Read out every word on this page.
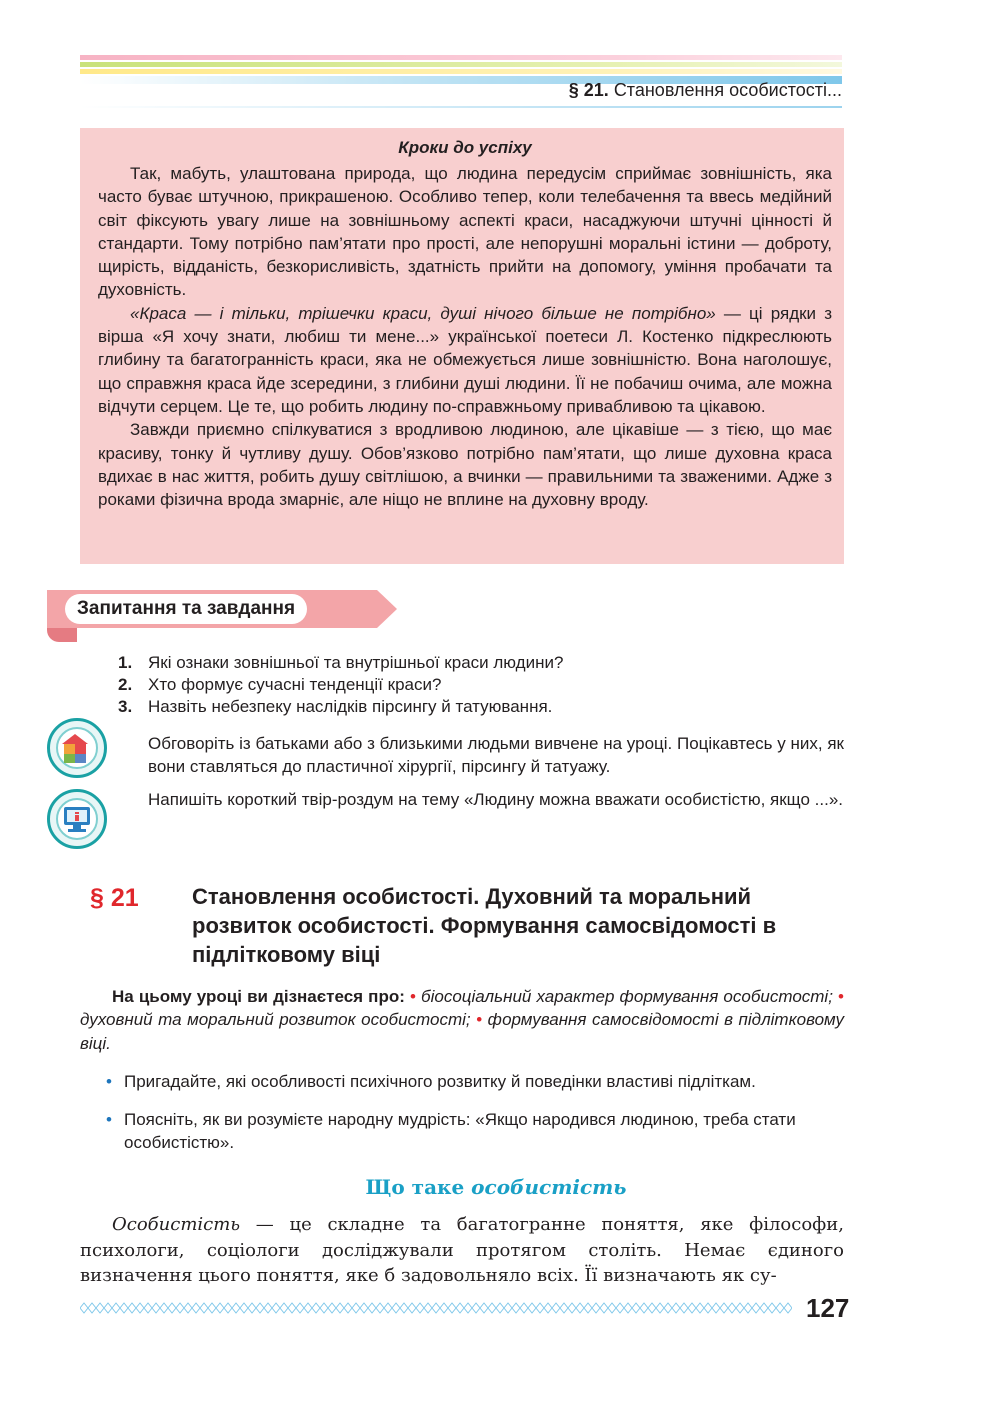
§ 21. Становлення особистості...
Кроки до успіху

Так, мабуть, улаштована природа, що людина передусім сприймає зовнішність, яка часто буває штучною, прикрашеною. Особливо тепер, коли телебачення та ввесь медійний світ фіксують увагу лише на зовнішньому аспекті краси, насаджуючи штучні цінності й стандарти. Тому потрібно пам’ятати про прості, але непорушні моральні істини — доброту, щирість, відданість, безкорисливість, здатність прийти на допомогу, уміння пробачати та духовність.

«Краса — і тільки, трішечки краси, душі нічого більше не потрібно» — ці рядки з вірша «Я хочу знати, любиш ти мене...» української поетеси Л. Костенко підкреслюють глибину та багатогранність краси, яка не обмежується лише зовнішністю. Вона наголошує, що справжня краса йде зсередини, з глибини душі людини. Її не побачиш очима, але можна відчути серцем. Це те, що робить людину по-справжньому привабливою та цікавою.

Завжди приємно спілкуватися з вродливою людиною, але цікавіше — з тією, що має красиву, тонку й чутливу душу. Обов’язково потрібно пам’ятати, що лише духовна краса вдихає в нас життя, робить душу світлішою, а вчинки — правильними та зваженими. Адже з роками фізична врода змарніє, але ніщо не вплине на духовну вроду.

Запитання та завдання
1. Які ознаки зовнішньої та внутрішньої краси людини?
2. Хто формує сучасні тенденції краси?
3. Назвіть небезпеку наслідків пірсингу й татуювання.

Обговоріть із батьками або з близькими людьми вивчене на уроці. Поцікавтесь у них, як вони ставляться до пластичної хірургії, пірсингу й татуажу.

Напишіть короткий твір-роздум на тему «Людину можна вважати особистістю, якщо ...».

§ 21 Становлення особистості. Духовний та моральний розвиток особистості. Формування самосвідомості в підлітковому віці

На цьому уроці ви дізнаєтеся про: • біосоціальний характер формування особистості; • духовний та моральний розвиток особистості; • формування самосвідомості в підлітковому віці.

• Пригадайте, які особливості психічного розвитку й поведінки властиві підліткам.

• Поясніть, як ви розумієте народну мудрість: «Якщо народився людиною, треба стати особистістю».

Що таке особистість

Особистість — це складне та багатогранне поняття, яке філософи, психологи, соціологи досліджували протягом століть. Немає єдиного визначення цього поняття, яке б задовольняло всіх. Її визначають як су-

127
